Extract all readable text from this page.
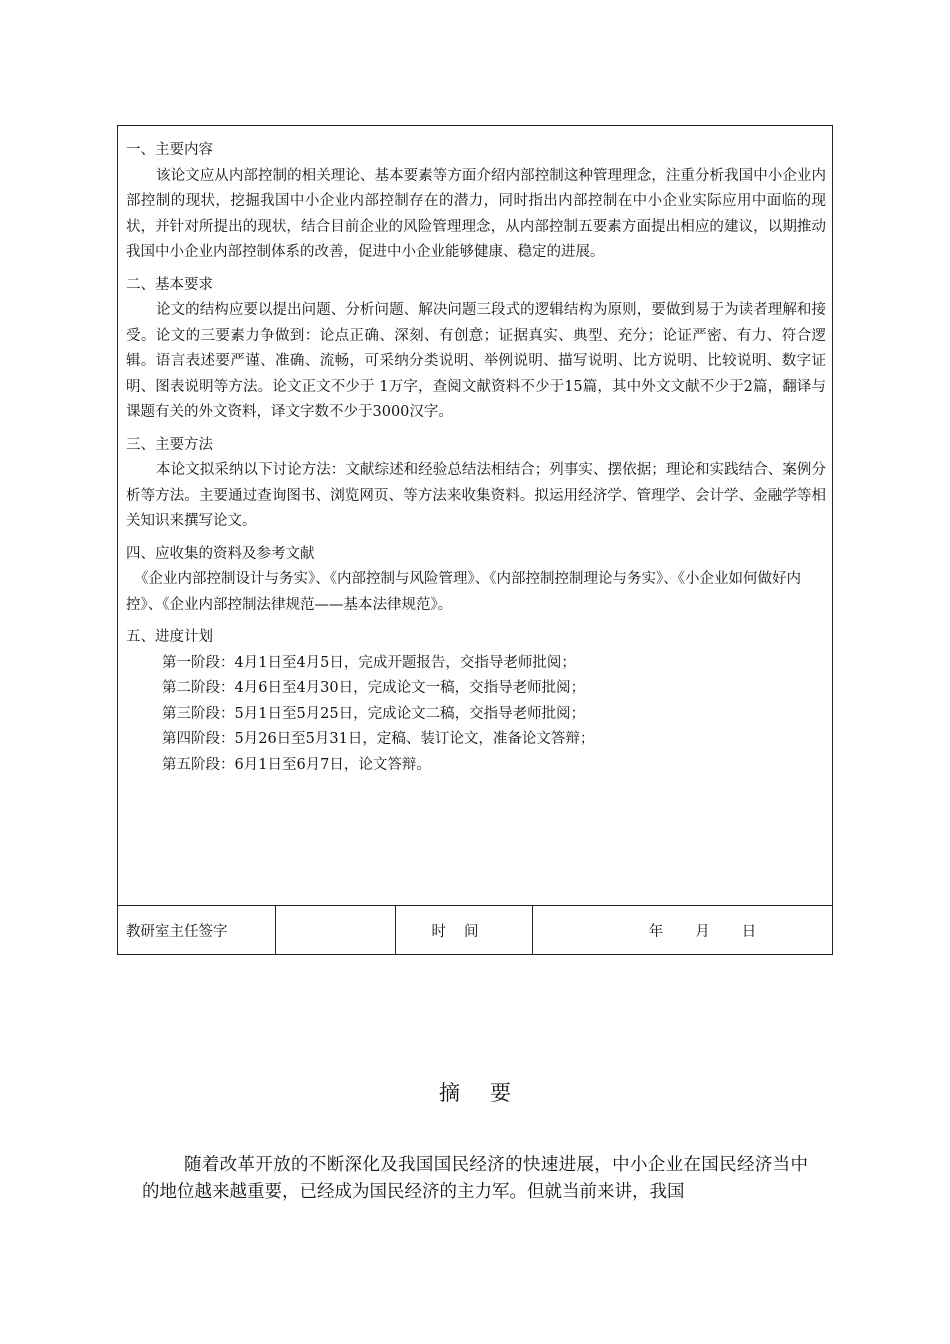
一、主要内容
该论文应从内部控制的相关理论、基本要素等方面介绍内部控制这种管理理念，注重分析我国中小企业内部控制的现状，挖掘我国中小企业内部控制存在的潜力，同时指出内部控制在中小企业实际应用中面临的现状，并针对所提出的现状，结合目前企业的风险管理理念，从内部控制五要素方面提出相应的建议，以期推动我国中小企业内部控制体系的改善，促进中小企业能够健康、稳定的进展。
二、基本要求
论文的结构应要以提出问题、分析问题、解决问题三段式的逻辑结构为原则，要做到易于为读者理解和接受。论文的三要素力争做到：论点正确、深刻、有创意；证据真实、典型、充分；论证严密、有力、符合逻辑。语言表述要严谨、准确、流畅，可采纳分类说明、举例说明、描写说明、比方说明、比较说明、数字证明、图表说明等方法。论文正文不少于 1万字，查阅文献资料不少于15篇，其中外文文献不少于2篇，翻译与课题有关的外文资料，译文字数不少于3000汉字。
三、主要方法
本论文拟采纳以下讨论方法：文献综述和经验总结法相结合；列事实、摆依据；理论和实践结合、案例分析等方法。主要通过查询图书、浏览网页、等方法来收集资料。拟运用经济学、管理学、会计学、金融学等相关知识来撰写论文。
四、应收集的资料及参考文献
《企业内部控制设计与务实》、《内部控制与风险管理》、《内部控制控制理论与务实》、《小企业如何做好内控》、《企业内部控制法律规范——基本法律规范》。
五、进度计划
第一阶段：4月1日至4月5日，完成开题报告，交指导老师批阅；
第二阶段：4月6日至4月30日，完成论文一稿，交指导老师批阅；
第三阶段：5月1日至5月25日，完成论文二稿，交指导老师批阅；
第四阶段：5月26日至5月31日，定稿、装订论文，准备论文答辩；
第五阶段：6月1日至6月7日，论文答辩。
教研室主任签字	时间	年 月 日
摘要
随着改革开放的不断深化及我国国民经济的快速进展，中小企业在国民经济当中的地位越来越重要，已经成为国民经济的主力军。但就当前来讲，我国
